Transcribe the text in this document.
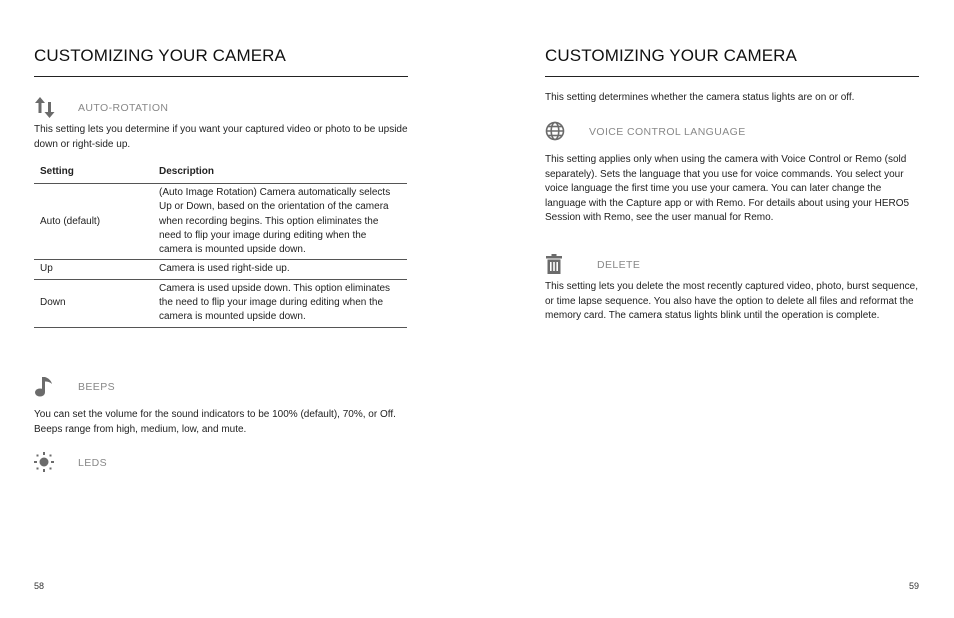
CUSTOMIZING YOUR CAMERA
AUTO-ROTATION

This setting lets you determine if you want your captured video or photo to be upside down or right-side up.

Setting	Description
Auto (default)	(Auto Image Rotation) Camera automatically selects Up or Down, based on the orientation of the camera when recording begins. This option eliminates the need to flip your image during editing when the camera is mounted upside down.
Up	Camera is used right-side up.
Down	Camera is used upside down. This option eliminates the need to flip your image during editing when the camera is mounted upside down.
BEEPS

You can set the volume for the sound indicators to be 100% (default), 70%, or Off. Beeps range from high, medium, low, and mute.

LEDS
58
CUSTOMIZING YOUR CAMERA

This setting determines whether the camera status lights are on or off.

VOICE CONTROL LANGUAGE

This setting applies only when using the camera with Voice Control or Remo (sold separately). Sets the language that you use for voice commands. You select your voice language the first time you use your camera. You can later change the language with the Capture app or with Remo. For details about using your HERO5 Session with Remo, see the user manual for Remo.

DELETE

This setting lets you delete the most recently captured video, photo, burst sequence, or time lapse sequence. You also have the option to delete all files and reformat the memory card. The camera status lights blink until the operation is complete.

59
